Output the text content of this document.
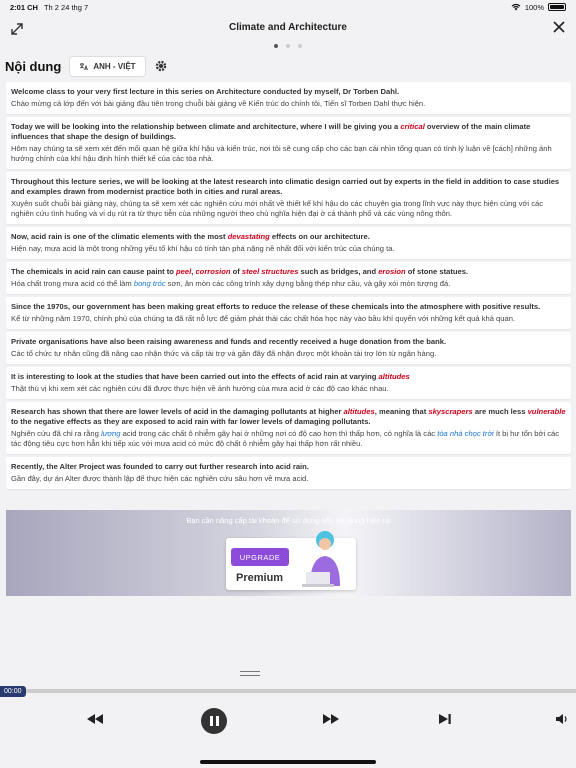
2:01 CH Th 2 24 thg 7	100%
Climate and Architecture
Nội dung	ANH - VIỆT
Welcome class to your very first lecture in this series on Architecture conducted by myself, Dr Torben Dahl.
Chào mừng cả lớp đến với bài giảng đầu tiên trong chuỗi bài giảng về Kiến trúc do chính tôi, Tiến sĩ Torben Dahl thực hiện.
Today we will be looking into the relationship between climate and architecture, where I will be giving you a critical overview of the main climate influences that shape the design of buildings.
Hôm nay chúng ta sẽ xem xét đến mối quan hệ giữa khí hậu và kiến trúc, nơi tôi sẽ cung cấp cho các bạn cái nhìn tổng quan có tính lý luận về [cách] những ảnh hưởng chính của khí hậu định hình thiết kế của các tòa nhà.
Throughout this lecture series, we will be looking at the latest research into climatic design carried out by experts in the field in addition to case studies and examples drawn from modernist practice both in cities and rural areas.
Xuyên suốt chuỗi bài giảng này, chúng ta sẽ xem xét các nghiên cứu mới nhất về thiết kế khí hậu do các chuyên gia trong lĩnh vực này thực hiện cùng với các nghiên cứu tình huống và ví dụ rút ra từ thực tiễn của những người theo chủ nghĩa hiện đại ở cả thành phố và các vùng nông thôn.
Now, acid rain is one of the climatic elements with the most devastating effects on our architecture.
Hiện nay, mưa acid là một trong những yếu tố khí hậu có tính tàn phá nặng nề nhất đối với kiến trúc của chúng ta.
The chemicals in acid rain can cause paint to peel, corrosion of steel structures such as bridges, and erosion of stone statues.
Hóa chất trong mưa acid có thể làm bong tróc sơn, ăn mòn các công trình xây dựng bằng thép như cầu, và gây xói mòn tượng đá.
Since the 1970s, our government has been making great efforts to reduce the release of these chemicals into the atmosphere with positive results.
Kể từ những năm 1970, chính phủ của chúng ta đã rất nỗ lực để giảm phát thải các chất hóa học này vào bầu khí quyển với những kết quả khả quan.
Private organisations have also been raising awareness and funds and recently received a huge donation from the bank.
Các tổ chức tư nhân cũng đã nâng cao nhận thức và cấp tài trợ và gần đây đã nhận được một khoản tài trợ lớn từ ngân hàng.
It is interesting to look at the studies that have been carried out into the effects of acid rain at varying altitudes
Thật thú vị khi xem xét các nghiên cứu đã được thực hiện về ảnh hưởng của mưa acid ở các độ cao khác nhau.
Research has shown that there are lower levels of acid in the damaging pollutants at higher altitudes, meaning that skyscrapers are much less vulnerable to the negative effects as they are exposed to acid rain with far lower levels of damaging pollutants.
Nghiên cứu đã chỉ ra rằng lượng acid trong các chất ô nhiễm gây hại ở những nơi có độ cao hơn thì thấp hơn, có nghĩa là các tòa nhà chọc trời ít bị hư tổn bởi các tác động tiêu cực hơn hẳn khi tiếp xúc với mưa acid có mức độ chất ô nhiễm gây hại thấp hơn rất nhiều.
Recently, the Alter Project was founded to carry out further research into acid rain.
Gần đây, dự án Alter được thành lập để thực hiện các nghiên cứu sâu hơn về mưa acid.
Bạn cần nâng cấp tài khoản để sử dụng tiếp nội dung hiện tại
UPGRADE
Premium
00:00
